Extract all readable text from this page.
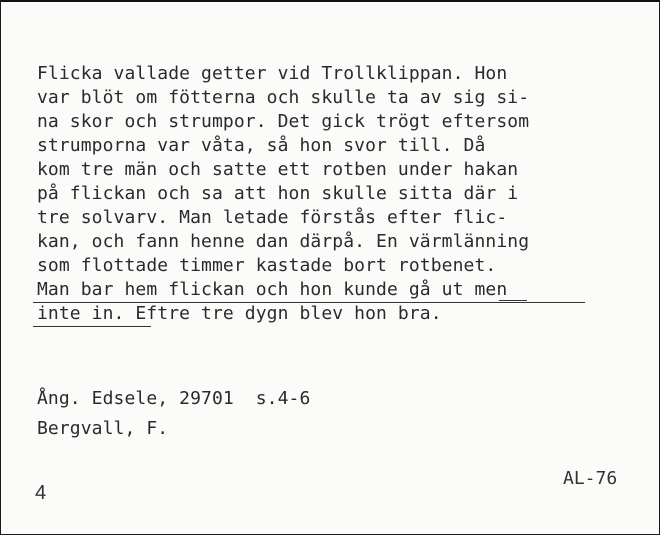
Flicka vallade getter vid Trollklippan. Hon
var blöt om fötterna och skulle ta av sig si-
na skor och strumpor. Det gick trögt eftersom
strumporna var våta, så hon svor till. Då
kom tre män och satte ett rotben under hakan
på flickan och sa att hon skulle sitta där i
tre solvarv. Man letade förstås efter flic-
kan, och fann henne dan därpå. En värmlänning
som flottade timmer kastade bort rotbenet.
Man bar hem flickan och hon kunde gå ut men
inte in. Eftre tre dygn blev hon bra.
Ång. Edsele, 29701  s.4-6
Bergvall, F.
4
AL-76
